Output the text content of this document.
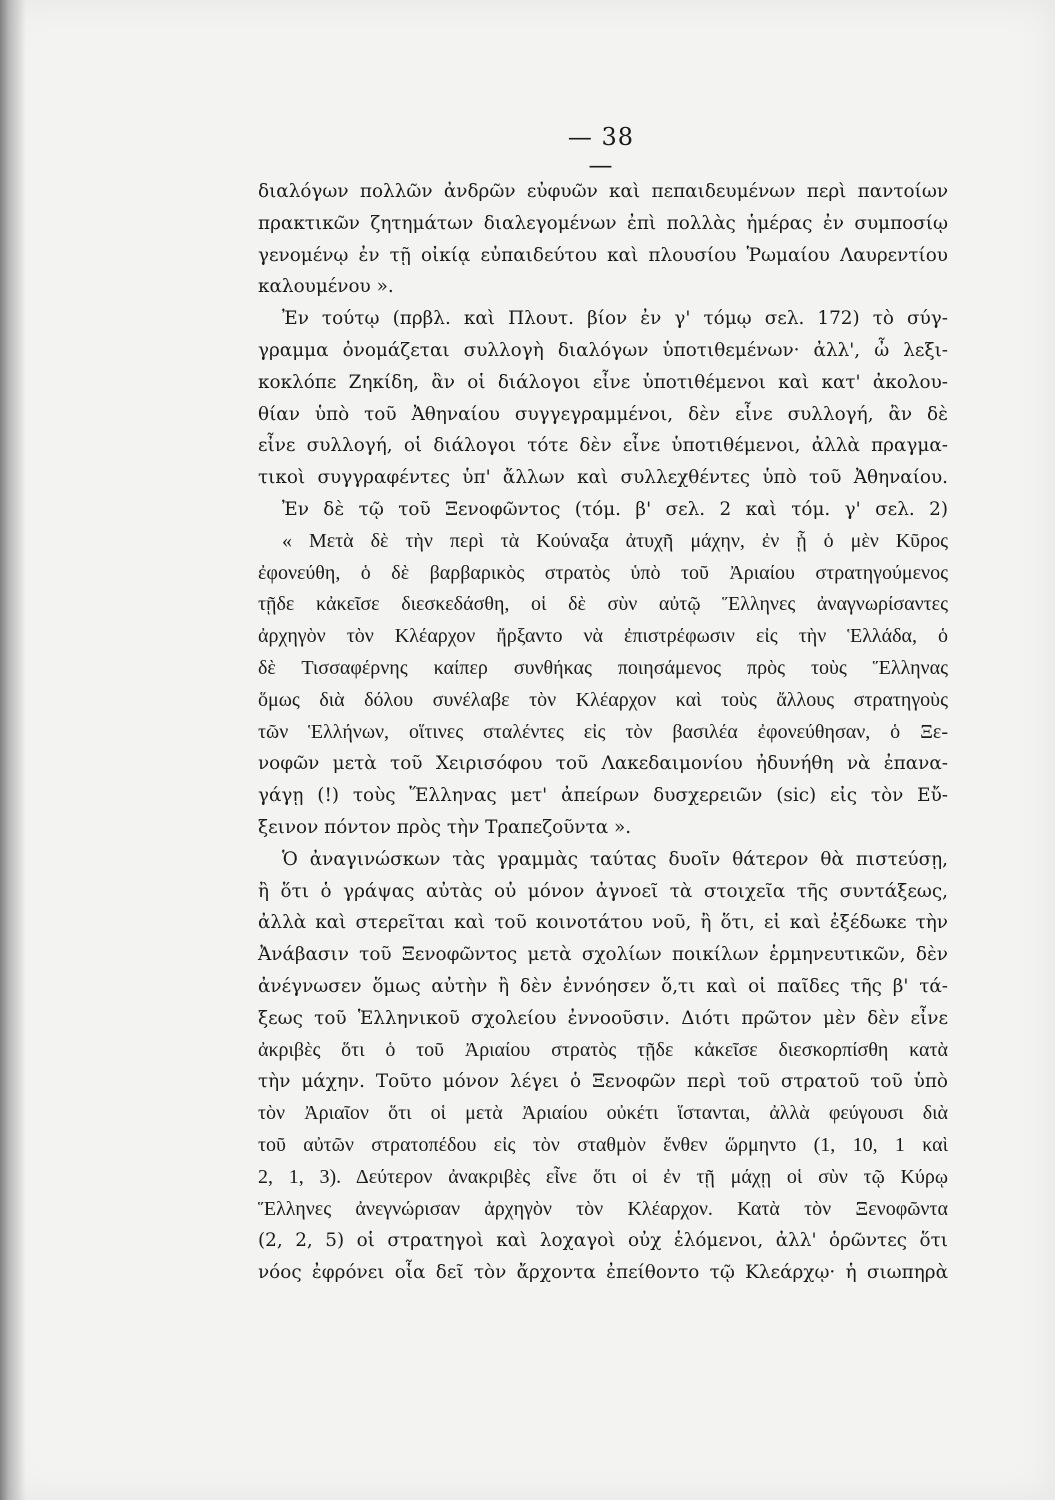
— 38 —
διαλόγων πολλῶν ἀνδρῶν εὐφυῶν καὶ πεπαιδευμένων περὶ παντοίων
πρακτικῶν ζητημάτων διαλεγομένων ἐπὶ πολλὰς ἡμέρας ἐν συμποσίῳ
γενομένῳ ἐν τῇ οἰκίᾳ εὐπαιδεύτου καὶ πλουσίου Ῥωμαίου Λαυρεντίου
καλουμένου ».
Ἐν τούτῳ (πρβλ. καὶ Πλουτ. βίον ἐν γ' τόμῳ σελ. 172) τὸ σύγ-
γραμμα ὀνομάζεται συλλογὴ διαλόγων ὑποτιθεμένων· ἀλλ', ὦ λεξι-
κοκλόπε Ζηκίδη, ἂν οἱ διάλογοι εἶνε ὑποτιθέμενοι καὶ κατ' ἀκολου-
θίαν ὑπὸ τοῦ Ἀθηναίου συγγεγραμμένοι, δὲν εἶνε συλλογή, ἂν δὲ
εἶνε συλλογή, οἱ διάλογοι τότε δὲν εἶνε ὑποτιθέμενοι, ἀλλὰ πραγμα-
τικοὶ συγγραφέντες ὑπ' ἄλλων καὶ συλλεχθέντες ὑπὸ τοῦ Ἀθηναίου.
Ἐν δὲ τῷ τοῦ Ξενοφῶντος (τόμ. β' σελ. 2 καὶ τόμ. γ' σελ. 2)
« Μετὰ δὲ τὴν περὶ τὰ Κούναξα ἀτυχῆ μάχην, ἐν ᾗ ὁ μὲν Κῦρος
ἐφονεύθη, ὁ δὲ βαρβαρικὸς στρατὸς ὑπὸ τοῦ Ἀριαίου στρατηγούμενος
τῇδε κἀκεῖσε διεσκεδάσθη, οἱ δὲ σὺν αὐτῷ Ἕλληνες ἀναγνωρίσαντες
ἀρχηγὸν τὸν Κλέαρχον ἤρξαντο νὰ ἐπιστρέφωσιν εἰς τὴν Ἑλλάδα, ὁ
δὲ Τισσαφέρνης καίπερ συνθήκας ποιησάμενος πρὸς τοὺς Ἕλληνας
ὅμως διὰ δόλου συνέλαβε τὸν Κλέαρχον καὶ τοὺς ἄλλους στρατηγοὺς
τῶν Ἑλλήνων, οἵτινες σταλέντες εἰς τὸν βασιλέα ἐφονεύθησαν, ὁ Ξε-
νοφῶν μετὰ τοῦ Χειρισόφου τοῦ Λακεδαιμονίου ἠδυνήθη νὰ ἐπανα-
γάγῃ (!) τοὺς Ἕλληνας μετ' ἀπείρων δυσχερειῶν (sic) εἰς τὸν Εὔ-
ξεινον πόντον πρὸς τὴν Τραπεζοῦντα ».
Ὁ ἀναγινώσκων τὰς γραμμὰς ταύτας δυοῖν θάτερον θὰ πιστεύσῃ,
ἢ ὅτι ὁ γράψας αὐτὰς οὐ μόνον ἀγνοεῖ τὰ στοιχεῖα τῆς συντάξεως,
ἀλλὰ καὶ στερεῖται καὶ τοῦ κοινοτάτου νοῦ, ἢ ὅτι, εἰ καὶ ἐξέδωκε τὴν
Ἀνάβασιν τοῦ Ξενοφῶντος μετὰ σχολίων ποικίλων ἑρμηνευτικῶν, δὲν
ἀνέγνωσεν ὅμως αὐτὴν ἢ δὲν ἐννόησεν ὅ,τι καὶ οἱ παῖδες τῆς β' τά-
ξεως τοῦ Ἑλληνικοῦ σχολείου ἐννοοῦσιν. Διότι πρῶτον μὲν δὲν εἶνε
ἀκριβὲς ὅτι ὁ τοῦ Ἀριαίου στρατὸς τῇδε κἀκεῖσε διεσκορπίσθη κατὰ
τὴν μάχην. Τοῦτο μόνον λέγει ὁ Ξενοφῶν περὶ τοῦ στρατοῦ τοῦ ὑπὸ
τὸν Ἀριαῖον ὅτι οἱ μετὰ Ἀριαίου οὐκέτι ἵστανται, ἀλλὰ φεύγουσι διὰ
τοῦ αὐτῶν στρατοπέδου εἰς τὸν σταθμὸν ἔνθεν ὥρμηντο (1, 10, 1 καὶ
2, 1, 3). Δεύτερον ἀνακριβὲς εἶνε ὅτι οἱ ἐν τῇ μάχῃ οἱ σὺν τῷ Κύρῳ
Ἕλληνες ἀνεγνώρισαν ἀρχηγὸν τὸν Κλέαρχον. Κατὰ τὸν Ξενοφῶντα
(2, 2, 5) οἱ στρατηγοὶ καὶ λοχαγοὶ οὐχ ἑλόμενοι, ἀλλ' ὁρῶντες ὅτι
νόος ἐφρόνει οἷα δεῖ τὸν ἄρχοντα ἐπείθοντο τῷ Κλεάρχῳ· ἡ σιωπηρὰ
